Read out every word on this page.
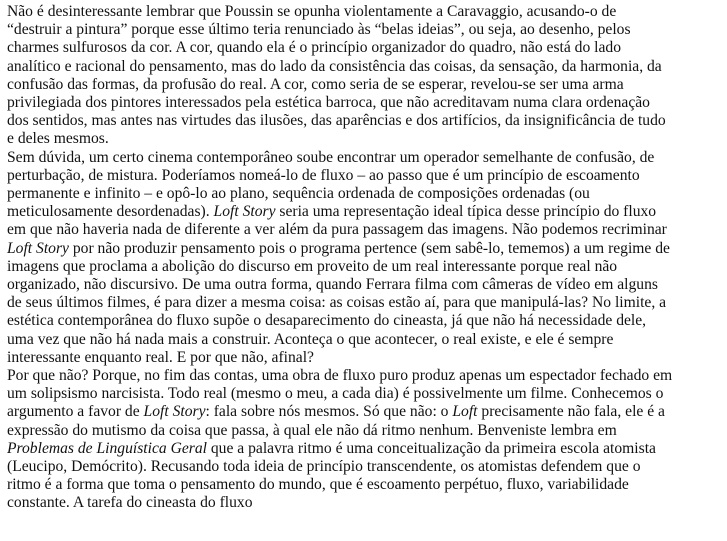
Não é desinteressante lembrar que Poussin se opunha violentamente a Caravaggio, acusando-o de “destruir a pintura” porque esse último teria renunciado às “belas ideias”, ou seja, ao desenho, pelos charmes sulfurosos da cor. A cor, quando ela é o princípio organizador do quadro, não está do lado analítico e racional do pensamento, mas do lado da consistência das coisas, da sensação, da harmonia, da confusão das formas, da profusão do real. A cor, como seria de se esperar, revelou-se ser uma arma privilegiada dos pintores interessados pela estética barroca, que não acreditavam numa clara ordenação dos sentidos, mas antes nas virtudes das ilusões, das aparências e dos artifícios, da insignificância de tudo e deles mesmos.

Sem dúvida, um certo cinema contemporâneo soube encontrar um operador semelhante de confusão, de perturbação, de mistura. Poderíamos nomeá-lo de fluxo – ao passo que é um princípio de escoamento permanente e infinito – e opô-lo ao plano, sequência ordenada de composições ordenadas (ou meticulosamente desordenadas). Loft Story seria uma representação ideal típica desse princípio do fluxo em que não haveria nada de diferente a ver além da pura passagem das imagens. Não podemos recriminar Loft Story por não produzir pensamento pois o programa pertence (sem sabê-lo, tememos) a um regime de imagens que proclama a abolição do discurso em proveito de um real interessante porque real não organizado, não discursivo. De uma outra forma, quando Ferrara filma com câmeras de vídeo em alguns de seus últimos filmes, é para dizer a mesma coisa: as coisas estão aí, para que manipulá-las? No limite, a estética contemporânea do fluxo supõe o desaparecimento do cineasta, já que não há necessidade dele, uma vez que não há nada mais a construir. Aconteça o que acontecer, o real existe, e ele é sempre interessante enquanto real. E por que não, afinal?

Por que não? Porque, no fim das contas, uma obra de fluxo puro produz apenas um espectador fechado em um solipsismo narcisista. Todo real (mesmo o meu, a cada dia) é possivelmente um filme. Conhecemos o argumento a favor de Loft Story: fala sobre nós mesmos. Só que não: o Loft precisamente não fala, ele é a expressão do mutismo da coisa que passa, à qual ele não dá ritmo nenhum. Benveniste lembra em Problemas de Linguística Geral que a palavra ritmo é uma conceitualização da primeira escola atomista (Leucipo, Demócrito). Recusando toda ideia de princípio transcendente, os atomistas defendem que o ritmo é a forma que toma o pensamento do mundo, que é escoamento perpétuo, fluxo, variabilidade constante. A tarefa do cineasta do fluxo
